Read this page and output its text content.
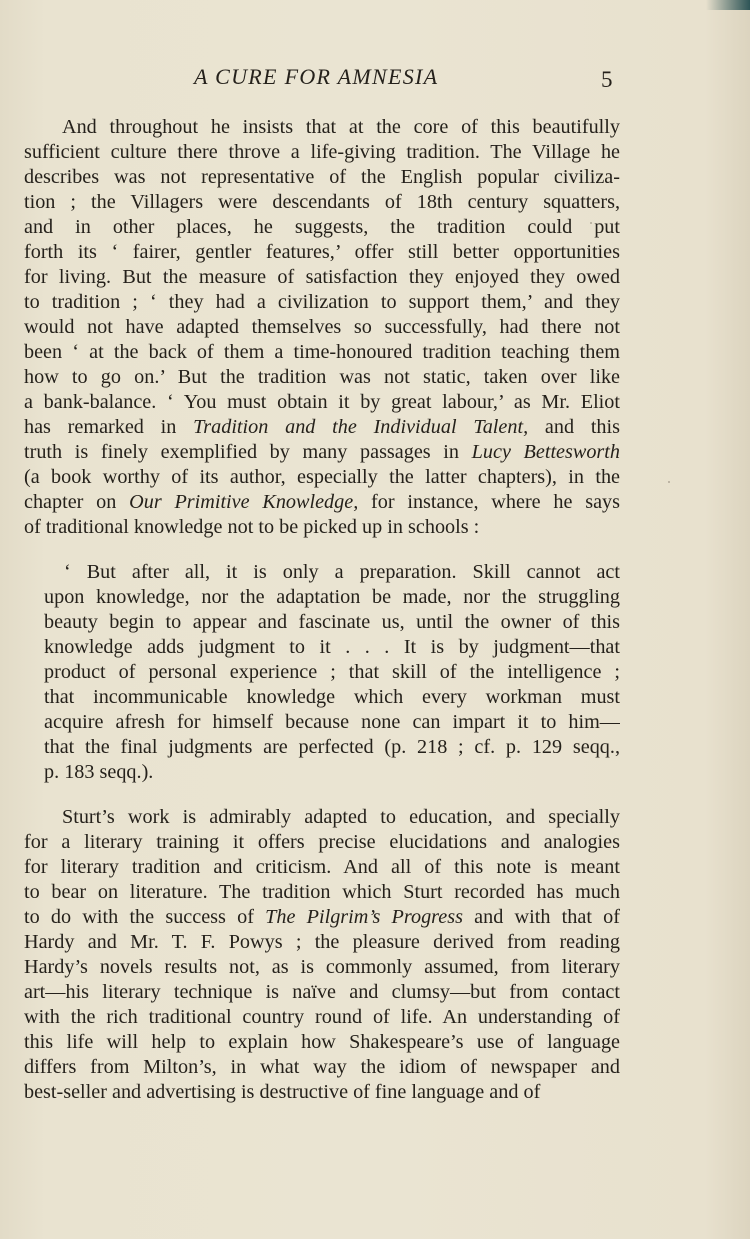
A CURE FOR AMNESIA	5
And throughout he insists that at the core of this beautifully
sufficient culture there throve a life-giving tradition. The Village he
describes was not representative of the English popular civiliza-
tion ; the Villagers were descendants of 18th century squatters,
and in other places, he suggests, the tradition could put
forth its ‘ fairer, gentler features,’ offer still better opportunities
for living. But the measure of satisfaction they enjoyed they owed
to tradition ; ‘ they had a civilization to support them,’ and they
would not have adapted themselves so successfully, had there not
been ‘ at the back of them a time-honoured tradition teaching them
how to go on.’ But the tradition was not static, taken over like
a bank-balance. ‘ You must obtain it by great labour,’ as Mr. Eliot
has remarked in Tradition and the Individual Talent, and this
truth is finely exemplified by many passages in Lucy Bettesworth
(a book worthy of its author, especially the latter chapters), in the
chapter on Our Primitive Knowledge, for instance, where he says
of traditional knowledge not to be picked up in schools :
‘ But after all, it is only a preparation. Skill cannot act
upon knowledge, nor the adaptation be made, nor the struggling
beauty begin to appear and fascinate us, until the owner of this
knowledge adds judgment to it . . . It is by judgment—that
product of personal experience ; that skill of the intelligence ;
that incommunicable knowledge which every workman must
acquire afresh for himself because none can impart it to him—
that the final judgments are perfected (p. 218 ; cf. p. 129 seqq.,
p. 183 seqq.).
Sturt’s work is admirably adapted to education, and specially
for a literary training it offers precise elucidations and analogies
for literary tradition and criticism. And all of this note is meant
to bear on literature. The tradition which Sturt recorded has much
to do with the success of The Pilgrim’s Progress and with that of
Hardy and Mr. T. F. Powys ; the pleasure derived from reading
Hardy’s novels results not, as is commonly assumed, from literary
art—his literary technique is naïve and clumsy—but from contact
with the rich traditional country round of life. An understanding of
this life will help to explain how Shakespeare’s use of language
differs from Milton’s, in what way the idiom of newspaper and
best-seller and advertising is destructive of fine language and of
